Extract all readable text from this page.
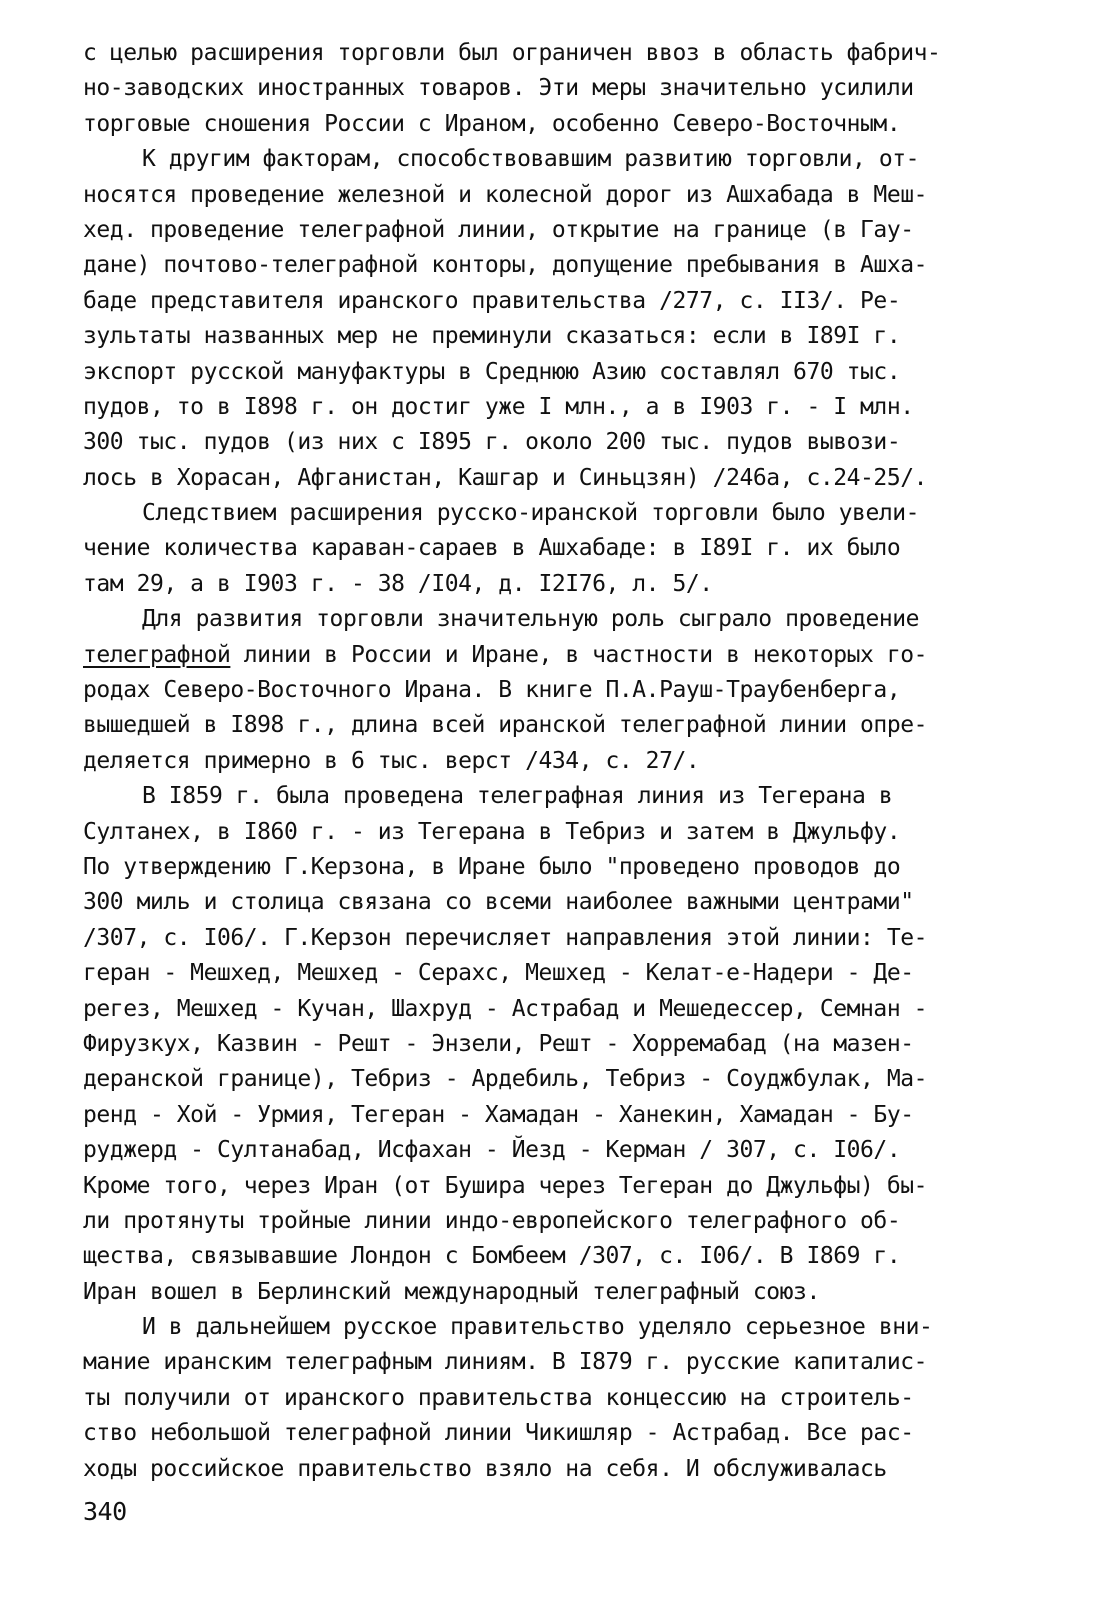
с целью расширения торговли был ограничен ввоз в область фабрич-
но-заводских иностранных товаров. Эти меры значительно усилили
торговые сношения России с Ираном, особенно Северо-Восточным.
К другим факторам, способствовавшим развитию торговли, от-
носятся проведение железной и колесной дорог из Ашхабада в Меш-
хед. проведение телеграфной линии, открытие на границе (в Гау-
дане) почтово-телеграфной конторы, допущение пребывания в Ашха-
баде представителя иранского правительства /277, с. II3/. Ре-
зультаты названных мер не преминули сказаться: если в I89I г.
экспорт русской мануфактуры в Среднюю Азию составлял 670 тыс.
пудов, то в I898 г. он достиг уже I млн., а в I903 г. - I млн.
300 тыс. пудов (из них с I895 г. около 200 тыс. пудов вывози-
лось в Хорасан, Афганистан, Кашгар и Синьцзян) /246а, с.24-25/.
Следствием расширения русско-иранской торговли было увели-
чение количества караван-сараев в Ашхабаде: в I89I г. их было
там 29, а в I903 г. - 38 /I04, д. I2I76, л. 5/.
Для развития торговли значительную роль сыграло проведение
телеграфной линии в России и Иране, в частности в некоторых го-
родах Северо-Восточного Ирана. В книге П.А.Рауш-Траубенберга,
вышедшей в I898 г., длина всей иранской телеграфной линии опре-
деляется примерно в 6 тыс. верст /434, с. 27/.
В I859 г. была проведена телеграфная линия из Тегерана в
Султанех, в I860 г. - из Тегерана в Тебриз и затем в Джульфу.
По утверждению Г.Керзона, в Иране было "проведено проводов до
300 миль и столица связана со всеми наиболее важными центрами"
/307, с. I06/. Г.Керзон перечисляет направления этой линии: Те-
геран - Мешхед, Мешхед - Серахс, Мешхед - Келат-е-Надери - Де-
регез, Мешхед - Кучан, Шахруд - Астрабад и Мешедессер, Семнан -
Фирузкух, Казвин - Решт - Энзели, Решт - Хорремабад (на мазен-
деранской границе), Тебриз - Ардебиль, Тебриз - Соуджбулак, Ма-
ренд - Хой - Урмия, Тегеран - Хамадан - Ханекин, Хамадан - Бу-
руджерд - Султанабад, Исфахан - Йезд - Керман / 307, с. I06/.
Кроме того, через Иран (от Бушира через Тегеран до Джульфы) бы-
ли протянуты тройные линии индо-европейского телеграфного об-
щества, связывавшие Лондон с Бомбеем /307, с. I06/. В I869 г.
Иран вошел в Берлинский международный телеграфный союз.
И в дальнейшем русское правительство уделяло серьезное вни-
мание иранским телеграфным линиям. В I879 г. русские капиталис-
ты получили от иранского правительства концессию на строитель-
ство небольшой телеграфной линии Чикишляр - Астрабад. Все рас-
ходы российское правительство взяло на себя. И обслуживалась
340
